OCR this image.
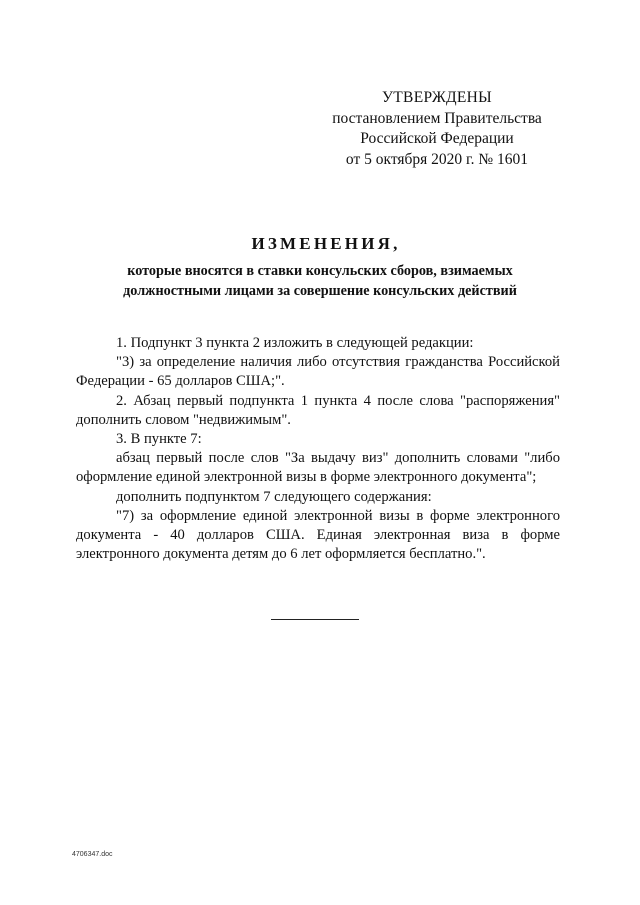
УТВЕРЖДЕНЫ
постановлением Правительства
Российской Федерации
от 5 октября 2020 г. № 1601
ИЗМЕНЕНИЯ,
которые вносятся в ставки консульских сборов, взимаемых
должностными лицами за совершение консульских действий

1. Подпункт 3 пункта 2 изложить в следующей редакции:

"3) за определение наличия либо отсутствия гражданства Российской Федерации - 65 долларов США;".

2. Абзац первый подпункта 1 пункта 4 после слова "распоряжения" дополнить словом "недвижимым".

3. В пункте 7:

абзац первый после слов "За выдачу виз" дополнить словами "либо оформление единой электронной визы в форме электронного документа";

дополнить подпунктом 7 следующего содержания:

"7) за оформление единой электронной визы в форме электронного документа - 40 долларов США. Единая электронная виза в форме электронного документа детям до 6 лет оформляется бесплатно.".

4706347.doc
